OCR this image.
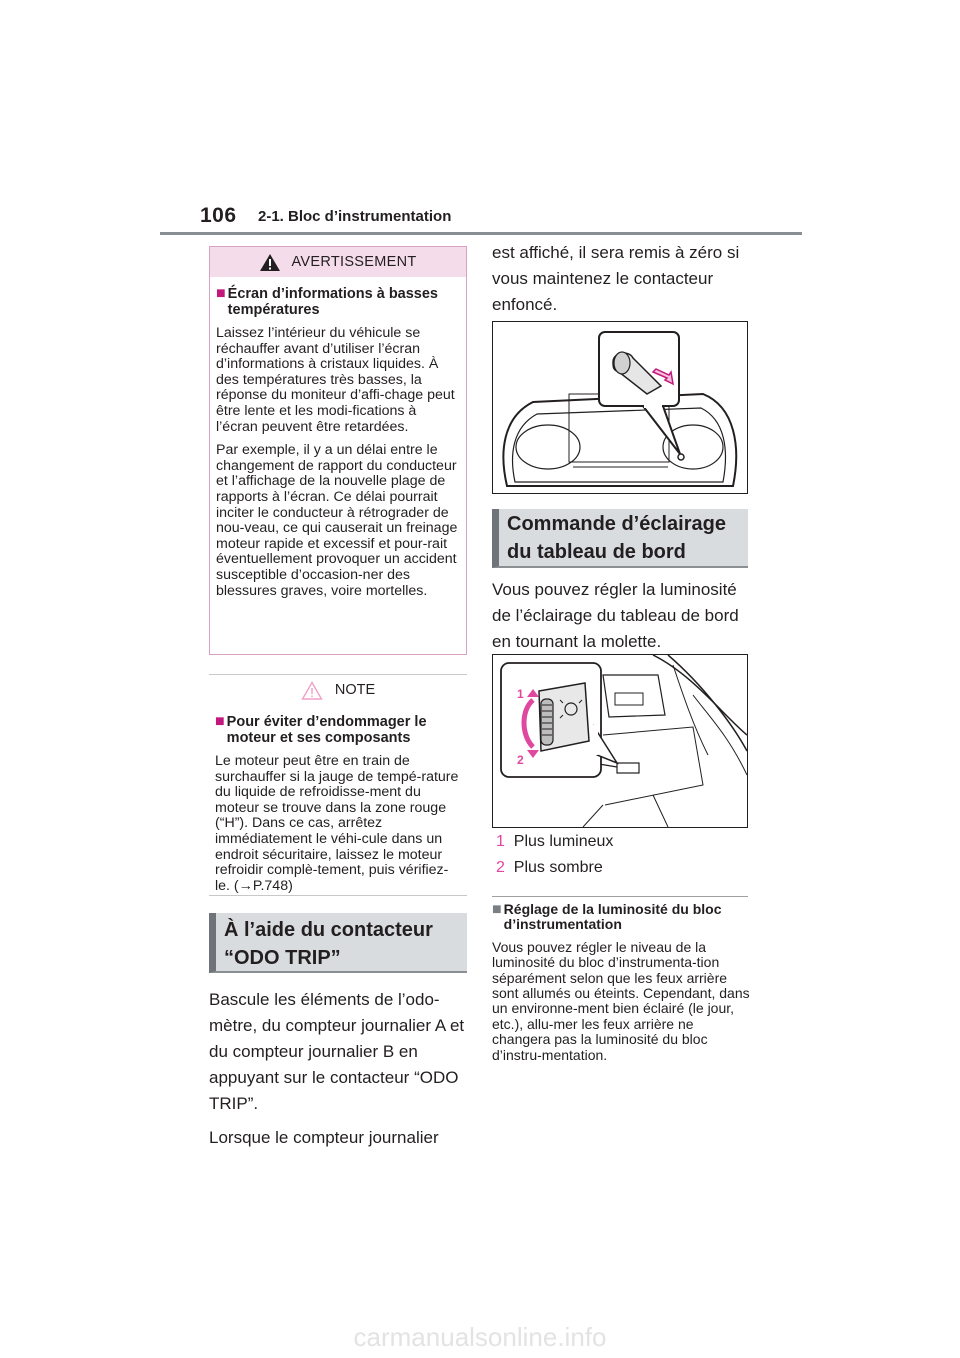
106 2-1. Bloc d’instrumentation
AVERTISSEMENT
■ Écran d’informations à basses températures

Laissez l’intérieur du véhicule se réchauffer avant d’utiliser l’écran d’informations à cristaux liquides. À des températures très basses, la réponse du moniteur d’affi-chage peut être lente et les modi-fications à l’écran peuvent être retardées.

Par exemple, il y a un délai entre le changement de rapport du conducteur et l’affichage de la nouvelle plage de rapports à l’écran. Ce délai pourrait inciter le conducteur à rétrograder de nou-veau, ce qui causerait un freinage moteur rapide et excessif et pour-rait éventuellement provoquer un accident susceptible d’occasion-ner des blessures graves, voire mortelles.

NOTE
■ Pour éviter d’endommager le moteur et ses composants

Le moteur peut être en train de surchauffer si la jauge de tempé-rature du liquide de refroidisse-ment du moteur se trouve dans la zone rouge (“H”). Dans ce cas, arrêtez immédiatement le véhi-cule dans un endroit sécuritaire, laissez le moteur refroidir complè-tement, puis vérifiez-le. (→P.748)

À l’aide du contacteur “ODO TRIP”
Bascule les éléments de l’odo-mètre, du compteur journalier A et du compteur journalier B en appuyant sur le contacteur “ODO TRIP”.
Lorsque le compteur journalier
est affiché, il sera remis à zéro si vous maintenez le contacteur enfoncé.
Commande d’éclairage du tableau de bord
Vous pouvez régler la luminosité de l’éclairage du tableau de bord en tournant la molette.
1
2
1 Plus lumineux
2 Plus sombre
■ Réglage de la luminosité du bloc d’instrumentation
Vous pouvez régler le niveau de la luminosité du bloc d’instrumenta-tion séparément selon que les feux arrière sont allumés ou éteints. Cependant, dans un environne-ment bien éclairé (le jour, etc.), allu-mer les feux arrière ne changera pas la luminosité du bloc d’instru-mentation.
carmanualsonline.info
